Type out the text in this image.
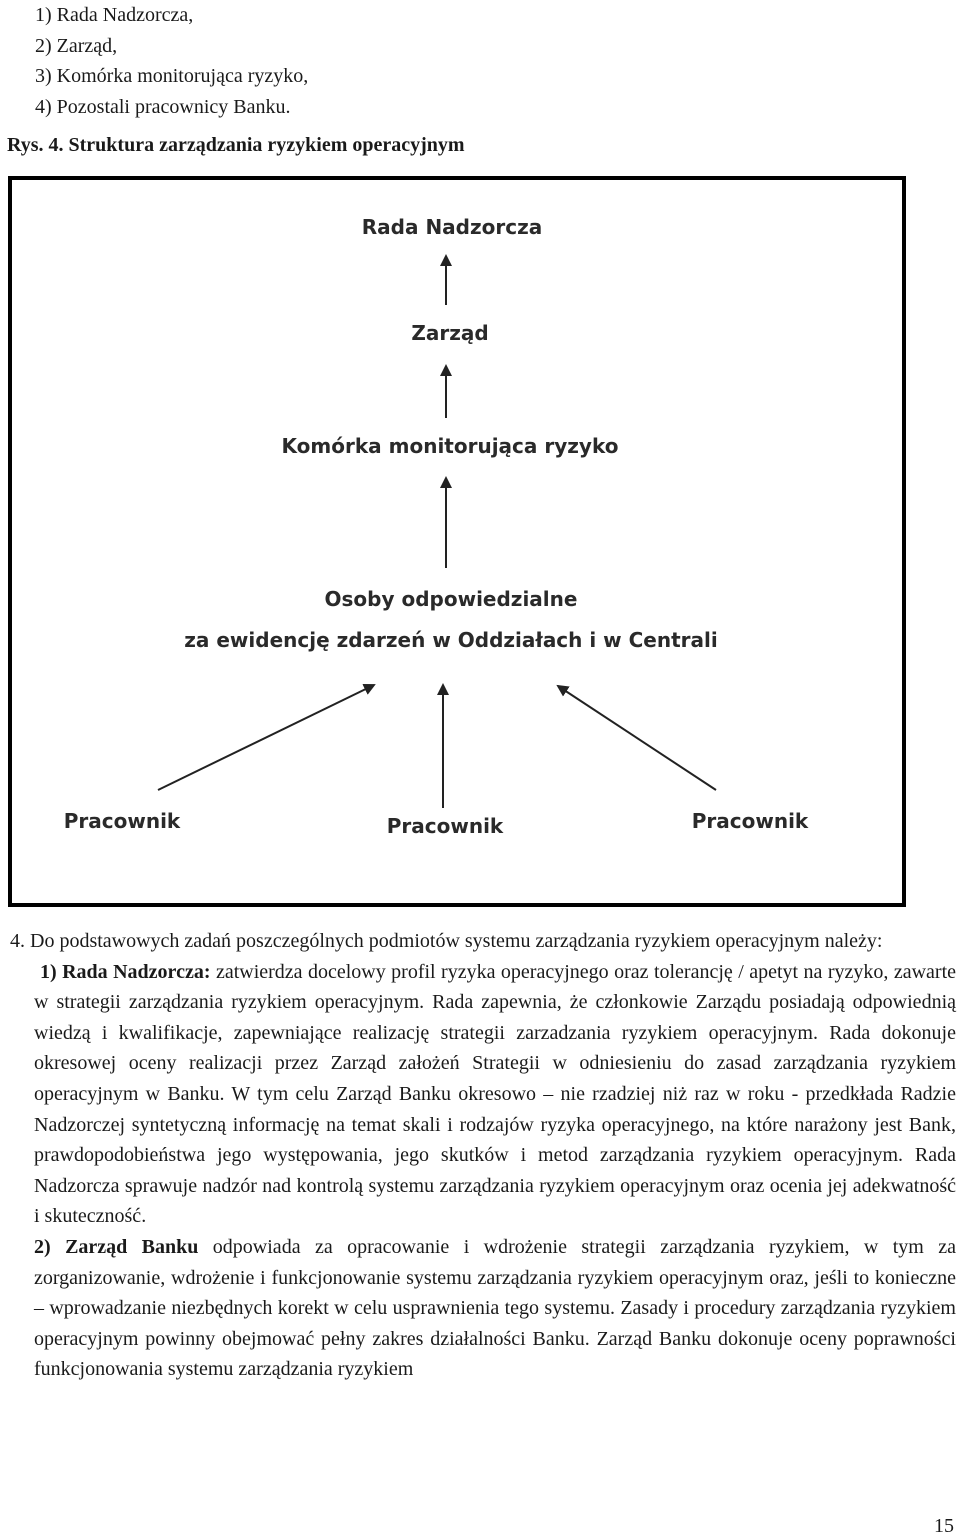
1) Rada Nadzorcza,
2) Zarząd,
3) Komórka monitorująca ryzyko,
4) Pozostali pracownicy Banku.
Rys. 4. Struktura zarządzania ryzykiem operacyjnym
Rada Nadzorcza
Zarząd
Komórka monitorująca ryzyko
Osoby odpowiedzialne
za ewidencję zdarzeń w Oddziałach i w Centrali
Pracownik	Pracownik	Pracownik

4. Do podstawowych zadań poszczególnych podmiotów systemu zarządzania ryzykiem operacyjnym należy:

1) Rada Nadzorcza: zatwierdza docelowy profil ryzyka operacyjnego oraz tolerancję / apetyt na ryzyko, zawarte w strategii zarządzania ryzykiem operacyjnym. Rada zapewnia, że członkowie Zarządu posiadają odpowiednią wiedzą i kwalifikacje, zapewniające realizację strategii zarzadzania ryzykiem operacyjnym. Rada dokonuje okresowej oceny realizacji przez Zarząd założeń Strategii w odniesieniu do zasad zarządzania ryzykiem operacyjnym w Banku. W tym celu Zarząd Banku okresowo – nie rzadziej niż raz w roku - przedkłada Radzie Nadzorczej syntetyczną informację na temat skali i rodzajów ryzyka operacyjnego, na które narażony jest Bank, prawdopodobieństwa jego występowania, jego skutków i metod zarządzania ryzykiem operacyjnym. Rada Nadzorcza sprawuje nadzór nad kontrolą systemu zarządzania ryzykiem operacyjnym oraz ocenia jej adekwatność i skuteczność.

2) Zarząd Banku odpowiada za opracowanie i wdrożenie strategii zarządzania ryzykiem, w tym za zorganizowanie, wdrożenie i funkcjonowanie systemu zarządzania ryzykiem operacyjnym oraz, jeśli to konieczne – wprowadzanie niezbędnych korekt w celu usprawnienia tego systemu. Zasady i procedury zarządzania ryzykiem operacyjnym powinny obejmować pełny zakres działalności Banku. Zarząd Banku dokonuje oceny poprawności funkcjonowania systemu zarządzania ryzykiem

15
